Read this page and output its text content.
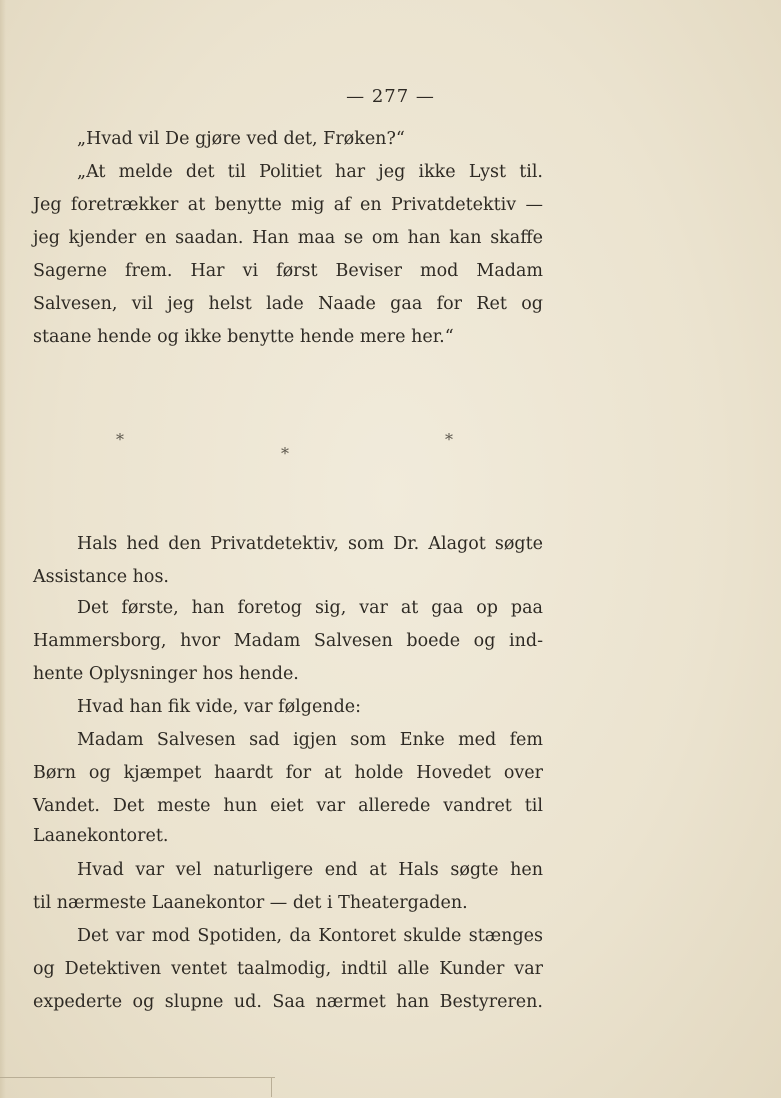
— 277 —
„Hvad vil De gjøre ved det, Frøken?“
„At melde det til Politiet har jeg ikke Lyst til.
Jeg foretrækker at benytte mig af en Privatdetektiv —
jeg kjender en saadan. Han maa se om han kan skaffe
Sagerne frem. Har vi først Beviser mod Madam
Salvesen, vil jeg helst lade Naade gaa for Ret og
staane hende og ikke benytte hende mere her.“
*
*
*
Hals hed den Privatdetektiv, som Dr. Alagot søgte
Assistance hos.
Det første, han foretog sig, var at gaa op paa
Hammersborg, hvor Madam Salvesen boede og ind-
hente Oplysninger hos hende.
Hvad han fik vide, var følgende:
Madam Salvesen sad igjen som Enke med fem
Børn og kjæmpet haardt for at holde Hovedet over
Vandet. Det meste hun eiet var allerede vandret til
Laanekontoret.
Hvad var vel naturligere end at Hals søgte hen
til nærmeste Laanekontor — det i Theatergaden.
Det var mod Spotiden, da Kontoret skulde stænges
og Detektiven ventet taalmodig, indtil alle Kunder var
expederte og slupne ud. Saa nærmet han Bestyreren.
